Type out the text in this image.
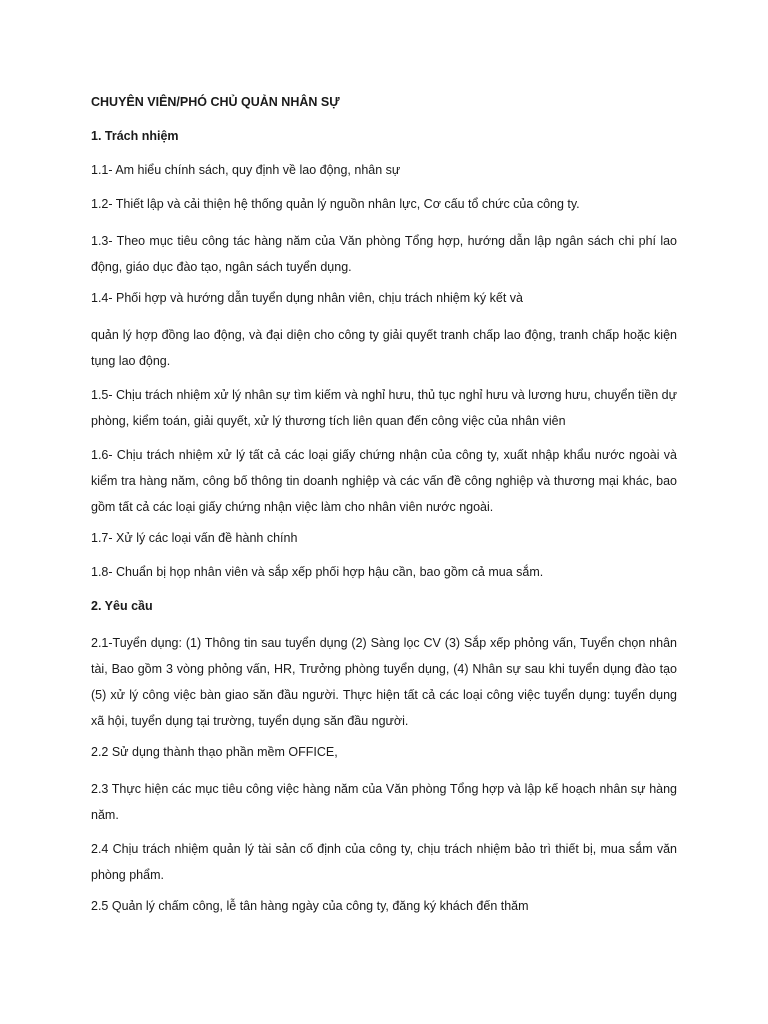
CHUYÊN VIÊN/PHÓ CHỦ QUẢN NHÂN SỰ

1. Trách nhiệm

1.1- Am hiểu chính sách, quy định về lao động, nhân sự

1.2- Thiết lập và cải thiện hệ thống quản lý nguồn nhân lực, Cơ cấu tổ chức của công ty.

1.3- Theo mục tiêu công tác hàng năm của Văn phòng Tổng hợp, hướng dẫn lập ngân sách chi phí lao động, giáo dục đào tạo, ngân sách tuyển dụng.

1.4- Phối hợp và hướng dẫn tuyển dụng nhân viên, chịu trách nhiệm ký kết và

quản lý hợp đồng lao động, và đại diện cho công ty giải quyết tranh chấp lao động, tranh chấp hoặc kiện tụng lao động.

1.5- Chịu trách nhiệm xử lý nhân sự tìm kiếm và nghỉ hưu, thủ tục nghỉ hưu và lương hưu, chuyển tiền dự phòng, kiểm toán, giải quyết, xử lý thương tích liên quan đến công việc của nhân viên

1.6- Chịu trách nhiệm xử lý tất cả các loại giấy chứng nhận của công ty, xuất nhập khẩu nước ngoài và kiểm tra hàng năm, công bố thông tin doanh nghiệp và các vấn đề công nghiệp và thương mại khác, bao gồm tất cả các loại giấy chứng nhận việc làm cho nhân viên nước ngoài.

1.7- Xử lý các loại vấn đề hành chính

1.8- Chuẩn bị họp nhân viên và sắp xếp phối hợp hậu cần, bao gồm cả mua sắm.

2. Yêu cầu

2.1-Tuyển dụng: (1) Thông tin sau tuyển dụng (2) Sàng lọc CV (3) Sắp xếp phỏng vấn, Tuyển chọn nhân tài, Bao gồm 3 vòng phỏng vấn, HR, Trưởng phòng tuyển dụng, (4) Nhân sự sau khi tuyển dụng đào tạo (5) xử lý công việc bàn giao săn đầu người. Thực hiện tất cả các loại công việc tuyển dụng: tuyển dụng xã hội, tuyển dụng tại trường, tuyển dụng săn đầu người.

2.2 Sử dụng thành thạo phần mềm OFFICE,

2.3 Thực hiện các mục tiêu công việc hàng năm của Văn phòng Tổng hợp và lập kế hoạch nhân sự hàng năm.

2.4 Chịu trách nhiệm quản lý tài sản cố định của công ty, chịu trách nhiệm bảo trì thiết bị, mua sắm văn phòng phẩm.

2.5 Quản lý chấm công, lễ tân hàng ngày của công ty, đăng ký khách đến thăm
